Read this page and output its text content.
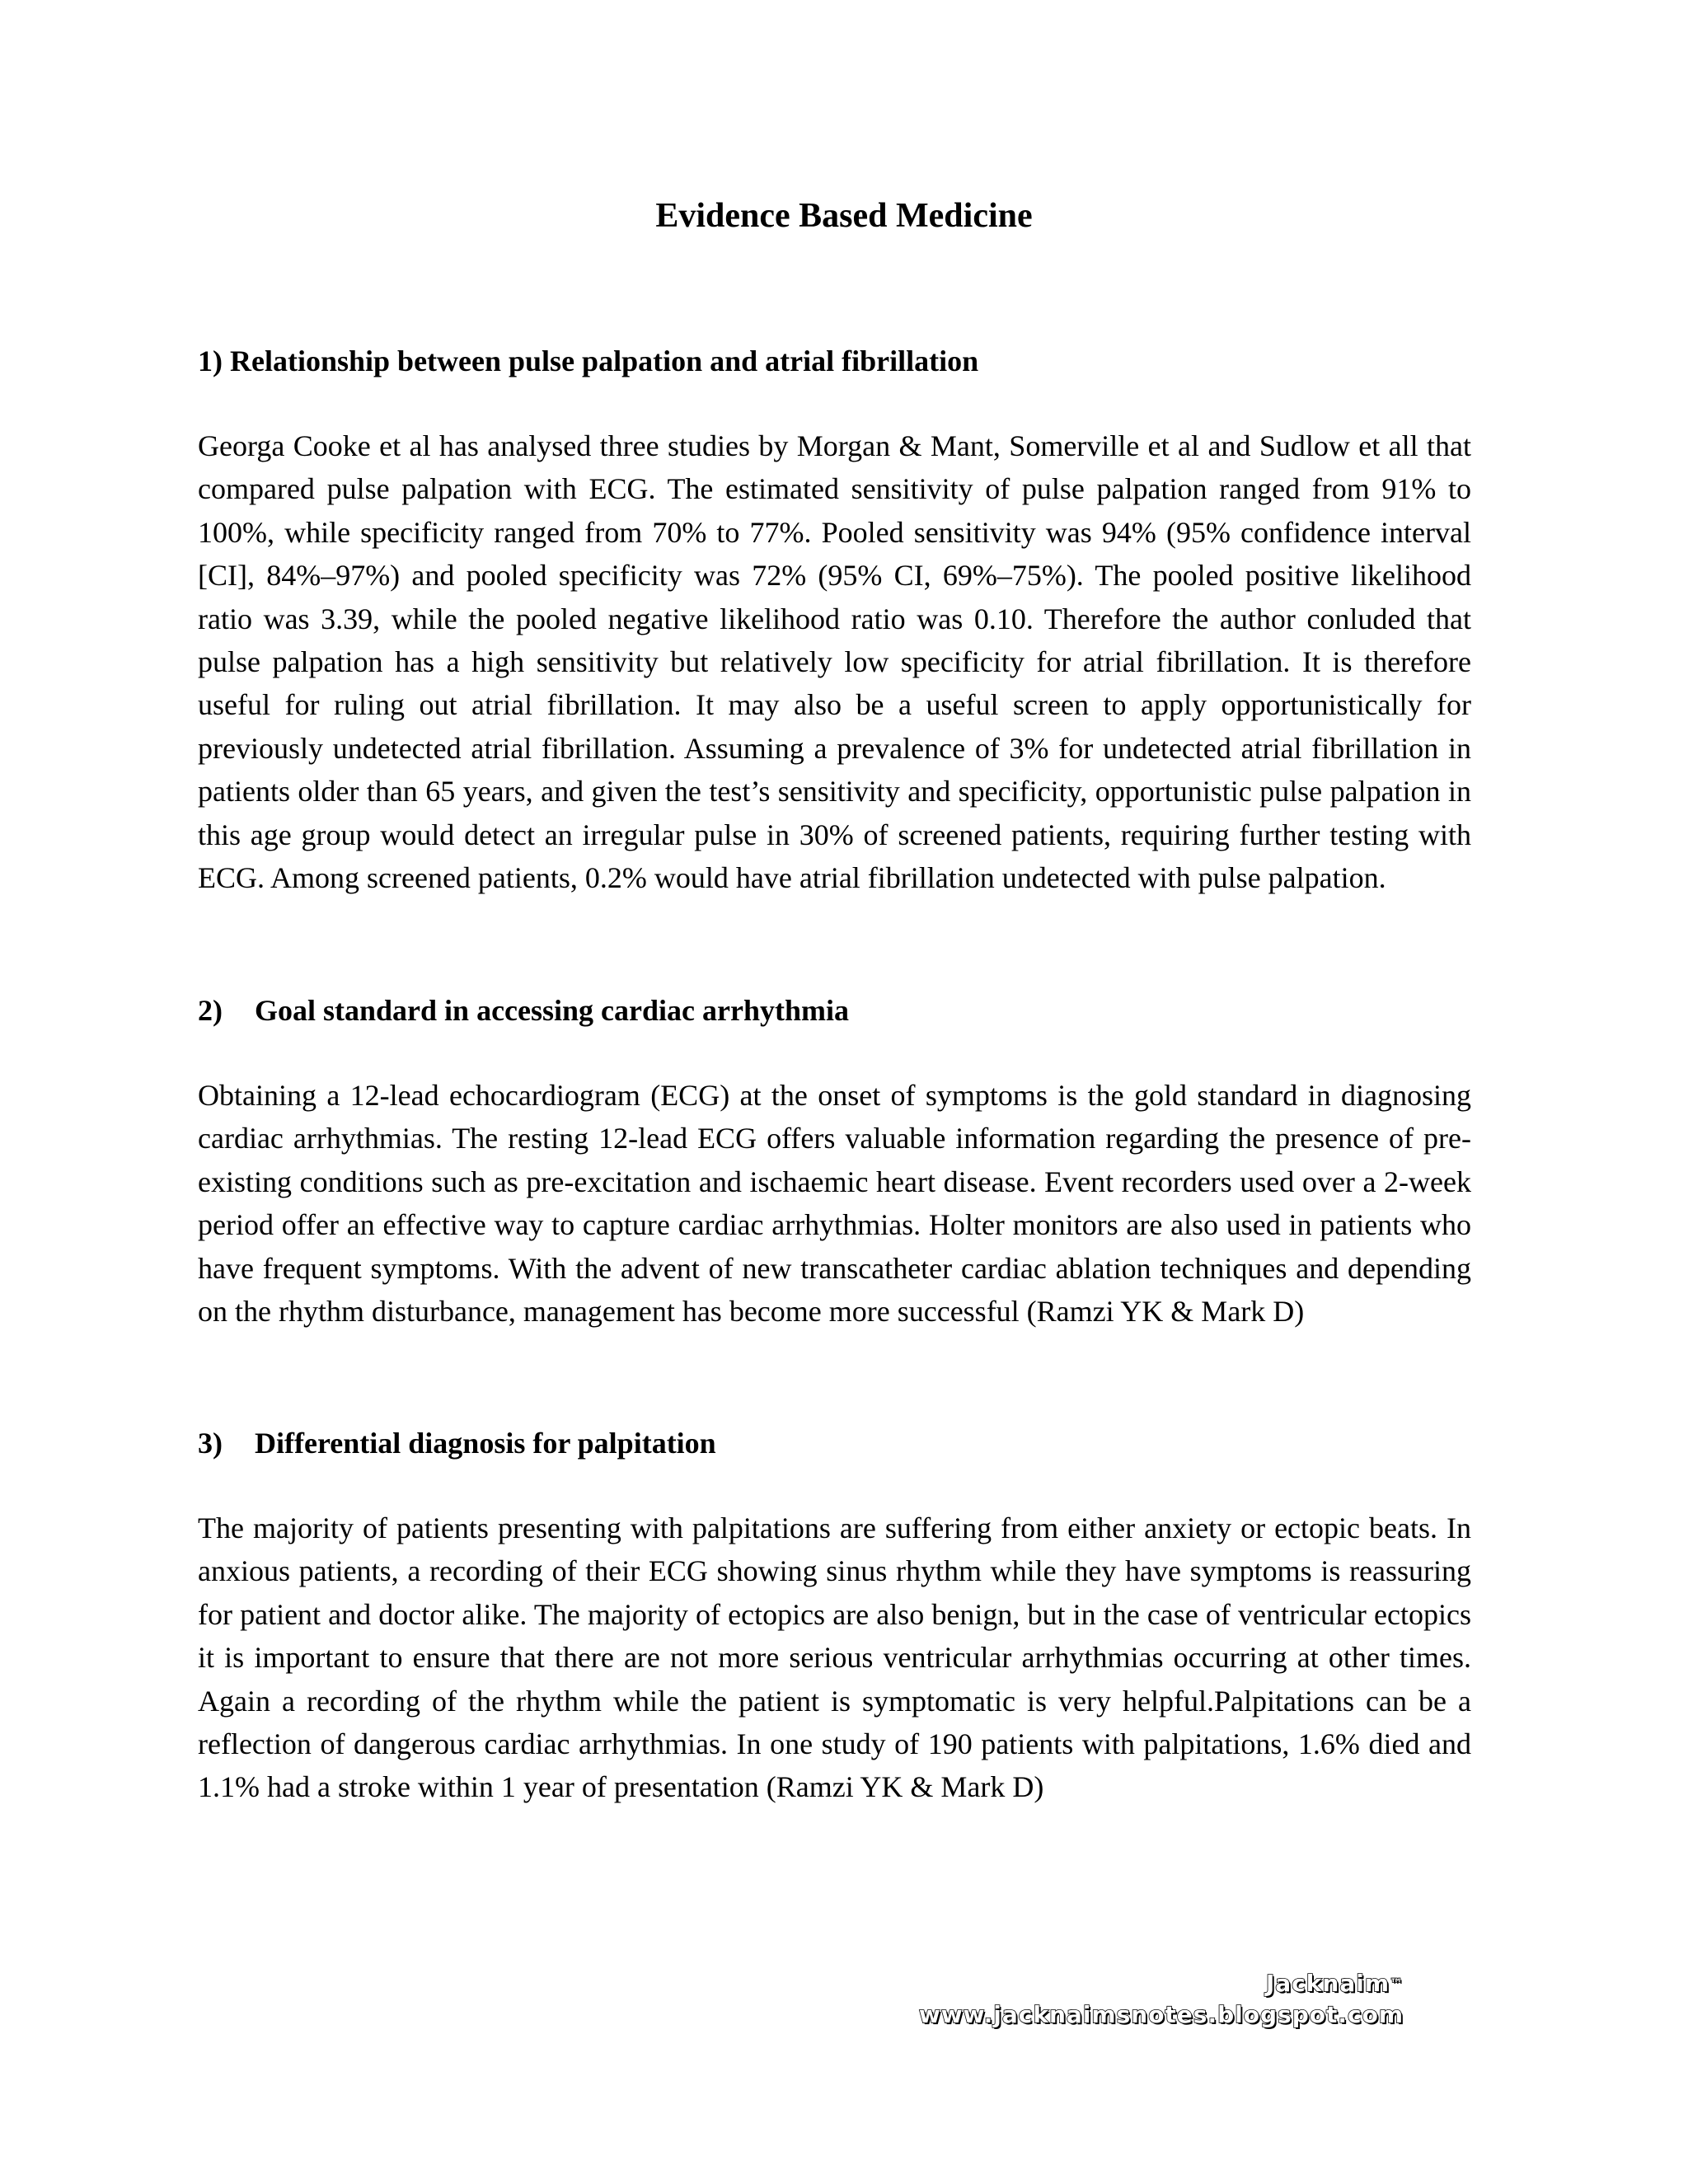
Evidence Based Medicine
1) Relationship between pulse palpation and atrial fibrillation

Georga Cooke et al has analysed three studies by Morgan & Mant, Somerville et al and Sudlow et all that compared pulse palpation with ECG. The estimated sensitivity of pulse palpation ranged from 91% to 100%, while specificity ranged from 70% to 77%. Pooled sensitivity was 94% (95% confidence interval [CI], 84%–97%) and pooled specificity was 72% (95% CI, 69%–75%). The pooled positive likelihood ratio was 3.39, while the pooled negative likelihood ratio was 0.10. Therefore the author conluded that pulse palpation has a high sensitivity but relatively low specificity for atrial fibrillation. It is therefore useful for ruling out atrial fibrillation. It may also be a useful screen to apply opportunistically for previously undetected atrial fibrillation. Assuming a prevalence of 3% for undetected atrial fibrillation in patients older than 65 years, and given the test’s sensitivity and specificity, opportunistic pulse palpation in this age group would detect an irregular pulse in 30% of screened patients, requiring further testing with ECG. Among screened patients, 0.2% would have atrial fibrillation undetected with pulse palpation.

2) Goal standard in accessing cardiac arrhythmia

Obtaining a 12-lead echocardiogram (ECG) at the onset of symptoms is the gold standard in diagnosing cardiac arrhythmias. The resting 12-lead ECG offers valuable information regarding the presence of pre-existing conditions such as pre-excitation and ischaemic heart disease. Event recorders used over a 2-week period offer an effective way to capture cardiac arrhythmias. Holter monitors are also used in patients who have frequent symptoms. With the advent of new transcatheter cardiac ablation techniques and depending on the rhythm disturbance, management has become more successful (Ramzi YK & Mark D)

3) Differential diagnosis for palpitation

The majority of patients presenting with palpitations are suffering from either anxiety or ectopic beats. In anxious patients, a recording of their ECG showing sinus rhythm while they have symptoms is reassuring for patient and doctor alike. The majority of ectopics are also benign, but in the case of ventricular ectopics it is important to ensure that there are not more serious ventricular arrhythmias occurring at other times. Again a recording of the rhythm while the patient is symptomatic is very helpful.Palpitations can be a reflection of dangerous cardiac arrhythmias. In one study of 190 patients with palpitations, 1.6% died and 1.1% had a stroke within 1 year of presentation (Ramzi YK & Mark D)

Jacknaim™
www.jacknaimsnotes.blogspot.com
